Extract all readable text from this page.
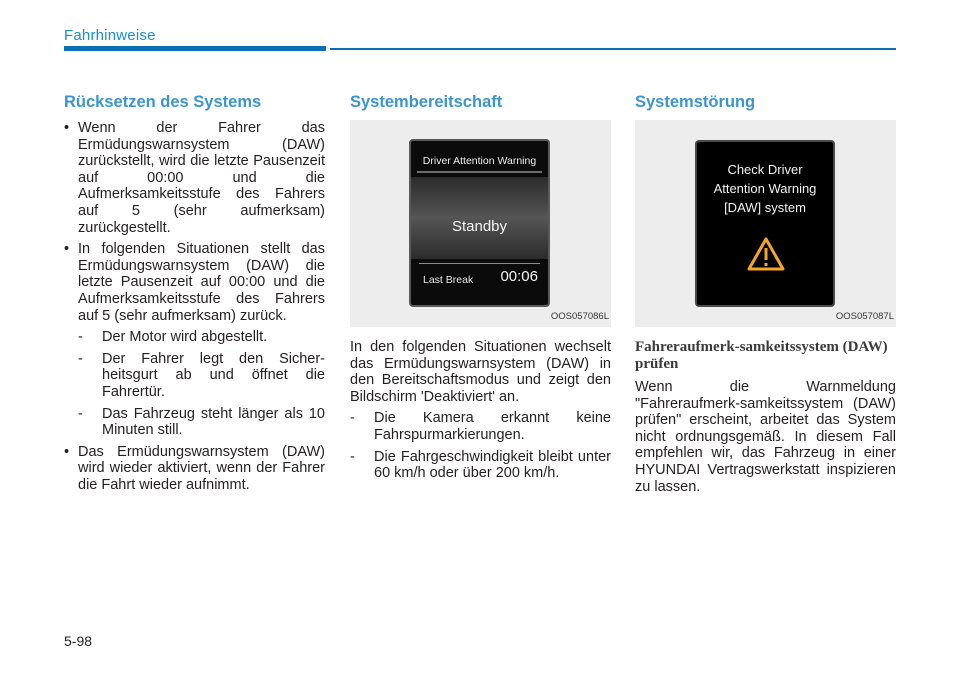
Fahrhinweise
Rücksetzen des Systems
• Wenn der Fahrer das Ermüdungswarnsystem (DAW) zurückstellt, wird die letzte Pausenzeit auf 00:00 und die Aufmerksamkeitsstufe des Fahrers auf 5 (sehr aufmerksam) zurückgestellt.
• In folgenden Situationen stellt das Ermüdungswarnsystem (DAW) die letzte Pausenzeit auf 00:00 und die Aufmerksamkeitsstufe des Fahrers auf 5 (sehr aufmerksam) zurück.
- Der Motor wird abgestellt.
- Der Fahrer legt den Sicher-heitsgurt ab und öffnet die Fahrertür.
- Das Fahrzeug steht länger als 10 Minuten still.
• Das Ermüdungswarnsystem (DAW) wird wieder aktiviert, wenn der Fahrer die Fahrt wieder aufnimmt.
Systembereitschaft
Driver Attention Warning
Standby
Last Break 00:06
OOS057086L

In den folgenden Situationen wechselt das Ermüdungswarnsystem (DAW) in den Bereitschaftsmodus und zeigt den Bildschirm 'Deaktiviert' an.

- Die Kamera erkannt keine Fahrspurmarkierungen.
- Die Fahrgeschwindigkeit bleibt unter 60 km/h oder über 200 km/h.
Systemstörung
Check Driver
Attention Warning
[DAW] system
OOS057087L
Fahreraufmerk-samkeitssystem (DAW) prüfen

Wenn die Warnmeldung "Fahreraufmerk-samkeitssystem (DAW) prüfen" erscheint, arbeitet das System nicht ordnungsgemäß. In diesem Fall empfehlen wir, das Fahrzeug in einer HYUNDAI Vertragswerkstatt inspizieren zu lassen.

5-98
